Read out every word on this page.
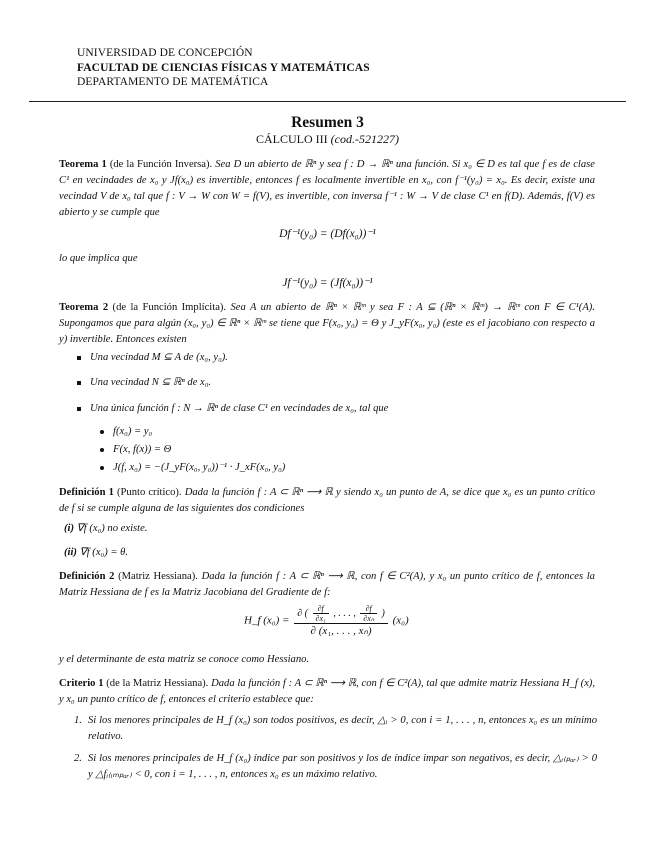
UNIVERSIDAD DE CONCEPCIÓN
FACULTAD DE CIENCIAS FÍSICAS Y MATEMÁTICAS
DEPARTAMENTO DE MATEMÁTICA
Resumen 3
CÁLCULO III (cod.-521227)
Teorema 1 (de la Función Inversa). Sea D un abierto de ℝⁿ y sea f : D → ℝⁿ una función. Si x₀ ∈ D es tal que f es de clase C¹ en vecindades de x₀ y Jf(x₀) es invertible, entonces f es localmente invertible en x₀, con f⁻¹(y₀) = x₀. Es decir, existe una vecindad V de x₀ tal que f : V → W con W = f(V), es invertible, con inversa f⁻¹ : W → V de clase C¹ en f(D). Además, f(V) es abierto y se cumple que
Df⁻¹(y₀) = (Df(x₀))⁻¹
lo que implica que
Jf⁻¹(y₀) = (Jf(x₀))⁻¹
Teorema 2 (de la Función Implícita). Sea A un abierto de ℝⁿ × ℝᵐ y sea F : A ⊆ (ℝⁿ × ℝᵐ) → ℝᵐ con F ∈ C¹(A). Supongamos que para algún (x₀, y₀) ∈ ℝⁿ × ℝᵐ se tiene que F(x₀, y₀) = Θ y J_yF(x₀, y₀) (este es el jacobiano con respecto a y) invertible. Entonces existen
Una vecindad M ⊆ A de (x₀, y₀).
Una vecindad N ⊆ ℝⁿ de x₀.
Una única función f : N → ℝⁿ de clase C¹ en vecindades de x₀, tal que
f(x₀) = y₀
F(x, f(x)) = Θ
J(f, x₀) = −(J_yF(x₀, y₀))⁻¹ · J_xF(x₀, y₀)
Definición 1 (Punto crítico). Dada la función f : A ⊂ ℝⁿ ⟶ ℝ y siendo x₀ un punto de A, se dice que x₀ es un punto crítico de f si se cumple alguna de las siguientes dos condiciones
(i) ∇f (x₀) no existe.
(ii) ∇f (x₀) = θ.
Definición 2 (Matriz Hessiana). Dada la función f : A ⊂ ℝⁿ ⟶ ℝ, con f ∈ C²(A), y x₀ un punto crítico de f, entonces la Matriz Hessiana de f es la Matriz Jacobiana del Gradiente de f:
H_f $(x_0) = \frac{\partial ( \frac{\partial f}{\text{∂x₁}} , . . . , \frac{\partial f}{\text{∂xₙ}} )}{\text{∂ (x₁, . . . , xₙ)}} (x_0)$
y el determinante de esta matriz se conoce como Hessiano.
Criterio 1 (de la Matriz Hessiana). Dada la función f : A ⊂ ℝⁿ ⟶ ℝ, con f ∈ C²(A), tal que admite matriz Hessiana H_f (x), y x₀ un punto crítico de f, entonces el criterio establece que:
1. Si los menores principales de H_f (x₀) son todos positivos, es decir, △ᵢ > 0, con i = 1, . . . , n, entonces x₀ es un mínimo relativo.
2. Si los menores principales de H_f (x₀) índice par son positivos y los de índice impar son negativos, es decir, △ᵢ₍ₚₐᵣ₎ > 0 y △fᵢ₍ᵢₘₚₐᵣ₎ < 0, con i = 1, . . . , n, entonces x₀ es un máximo relativo.
